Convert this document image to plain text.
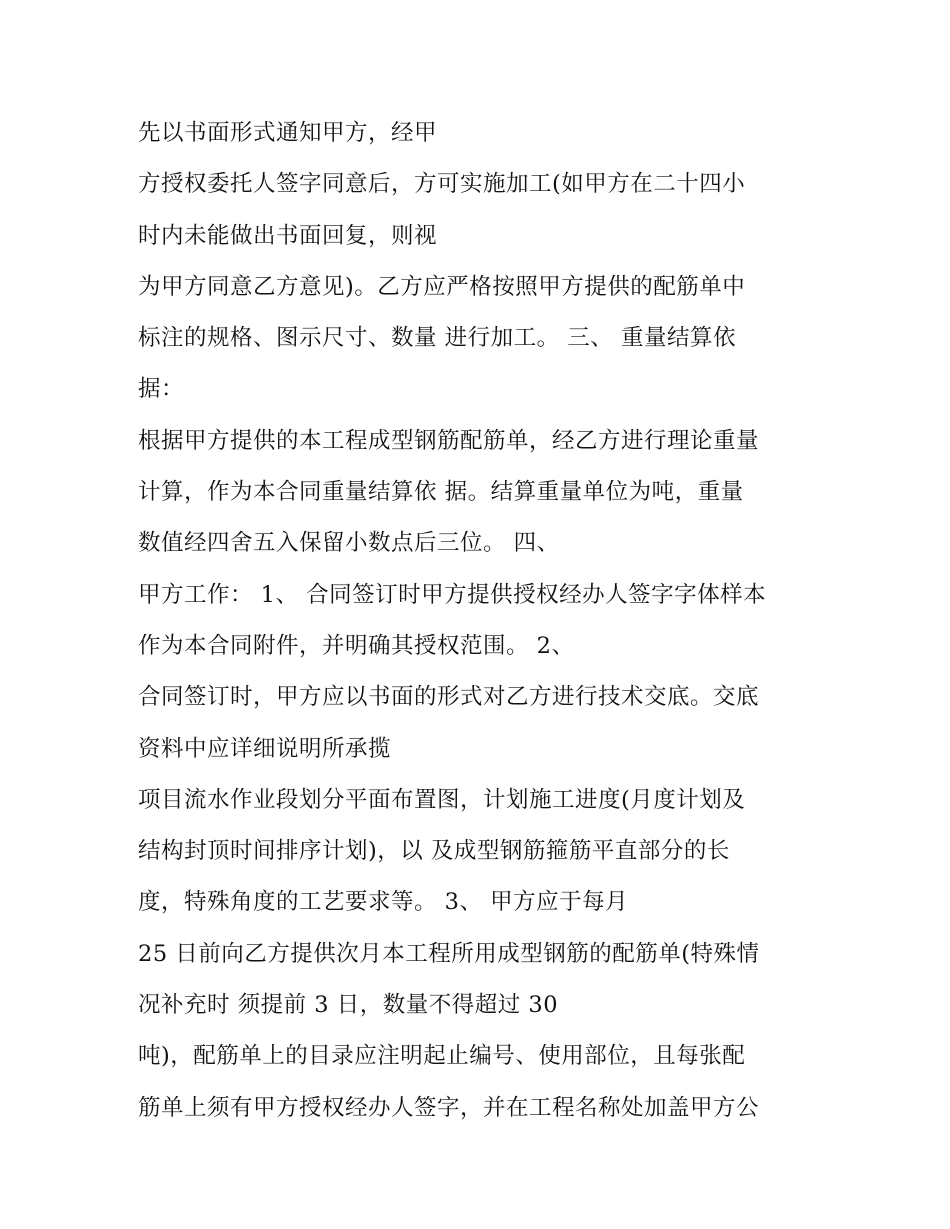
先以书面形式通知甲方，经甲
方授权委托人签字同意后，方可实施加工(如甲方在二十四小
时内未能做出书面回复，则视
为甲方同意乙方意见)。乙方应严格按照甲方提供的配筋单中
标注的规格、图示尺寸、数量 进行加工。 三、 重量结算依
据：
根据甲方提供的本工程成型钢筋配筋单，经乙方进行理论重量
计算，作为本合同重量结算依 据。结算重量单位为吨，重量
数值经四舍五入保留小数点后三位。 四、
甲方工作： 1、 合同签订时甲方提供授权经办人签字字体样本
作为本合同附件，并明确其授权范围。 2、
合同签订时，甲方应以书面的形式对乙方进行技术交底。交底
资料中应详细说明所承揽
项目流水作业段划分平面布置图，计划施工进度(月度计划及
结构封顶时间排序计划)，以 及成型钢筋箍筋平直部分的长
度，特殊角度的工艺要求等。 3、 甲方应于每月
25 日前向乙方提供次月本工程所用成型钢筋的配筋单(特殊情
况补充时 须提前 3 日，数量不得超过 30
吨)，配筋单上的目录应注明起止编号、使用部位，且每张配
筋单上须有甲方授权经办人签字，并在工程名称处加盖甲方公
